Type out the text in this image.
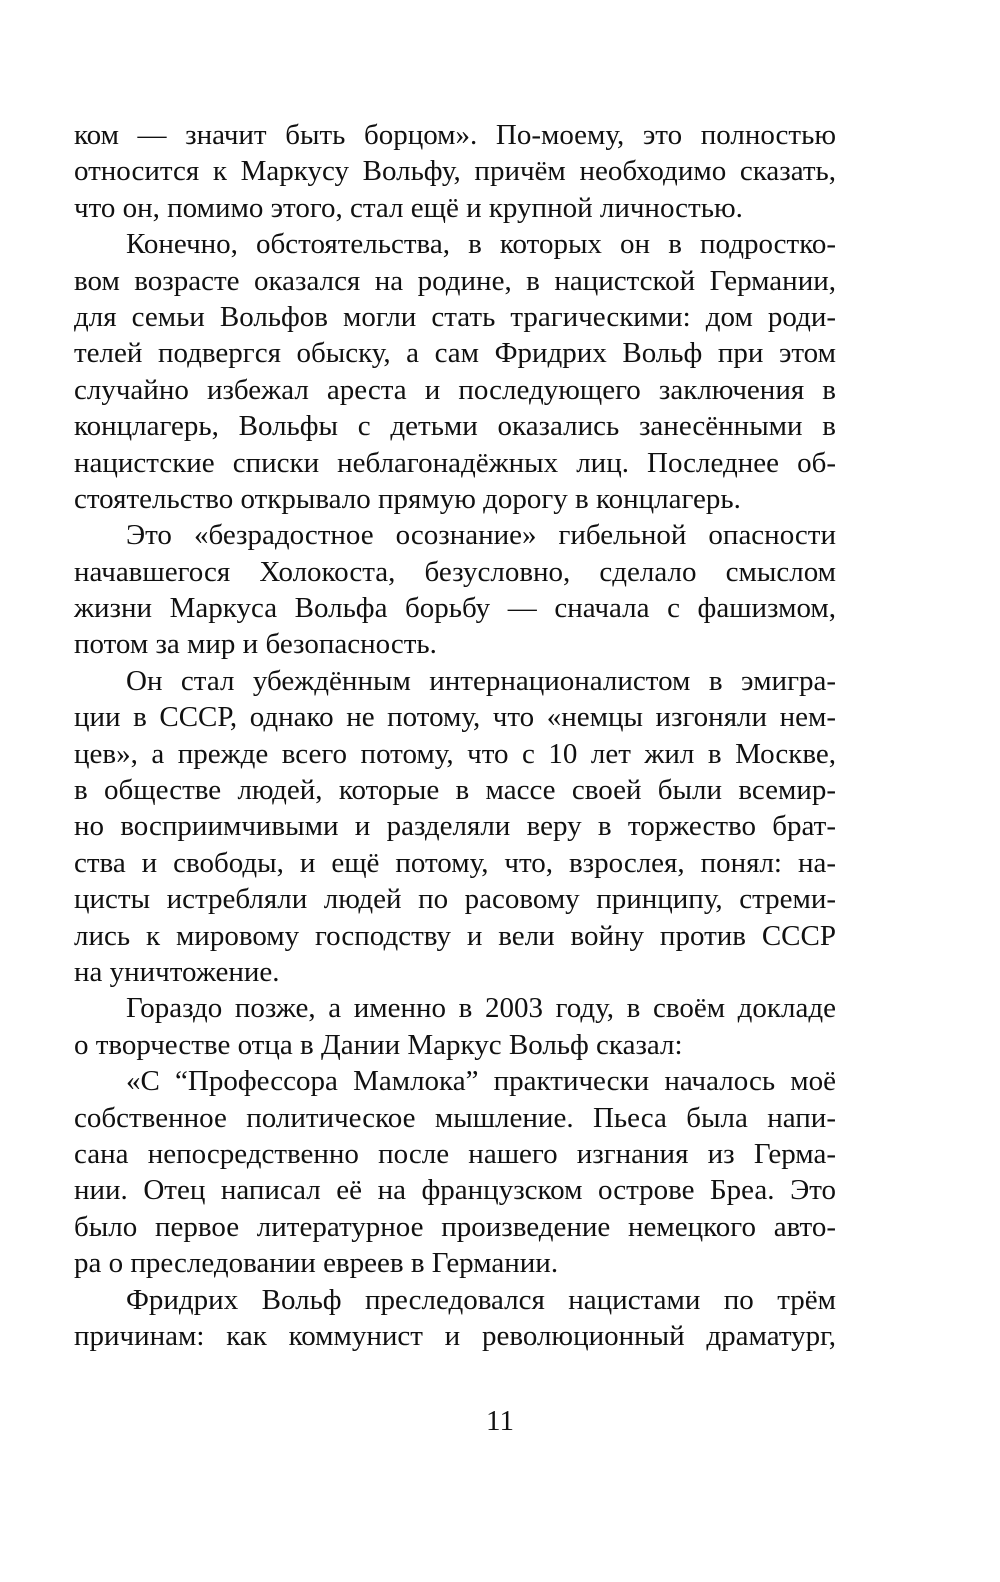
ком — значит быть борцом». По-моему, это полностью
относится к Маркусу Вольфу, причём необходимо сказать,
что он, помимо этого, стал ещё и крупной личностью.
Конечно, обстоятельства, в которых он в подростко-
вом возрасте оказался на родине, в нацистской Германии,
для семьи Вольфов могли стать трагическими: дом роди-
телей подвергся обыску, а сам Фридрих Вольф при этом
случайно избежал ареста и последующего заключения в
концлагерь, Вольфы с детьми оказались занесёнными в
нацистские списки неблагонадёжных лиц. Последнее об-
стоятельство открывало прямую дорогу в концлагерь.
Это «безрадостное осознание» гибельной опасности
начавшегося Холокоста, безусловно, сделало смыслом
жизни Маркуса Вольфа борьбу — сначала с фашизмом,
потом за мир и безопасность.
Он стал убеждённым интернационалистом в эмигра-
ции в СССР, однако не потому, что «немцы изгоняли нем-
цев», а прежде всего потому, что с 10 лет жил в Москве,
в обществе людей, которые в массе своей были всемир-
но восприимчивыми и разделяли веру в торжество брат-
ства и свободы, и ещё потому, что, взрослея, понял: на-
цисты истребляли людей по расовому принципу, стреми-
лись к мировому господству и вели войну против СССР
на уничтожение.
Гораздо позже, а именно в 2003 году, в своём докладе
о творчестве отца в Дании Маркус Вольф сказал:
«С “Профессора Мамлока” практически началось моё
собственное политическое мышление. Пьеса была напи-
сана непосредственно после нашего изгнания из Герма-
нии. Отец написал её на французском острове Бреа. Это
было первое литературное произведение немецкого авто-
ра о преследовании евреев в Германии.
Фридрих Вольф преследовался нацистами по трём
причинам: как коммунист и революционный драматург,
11
